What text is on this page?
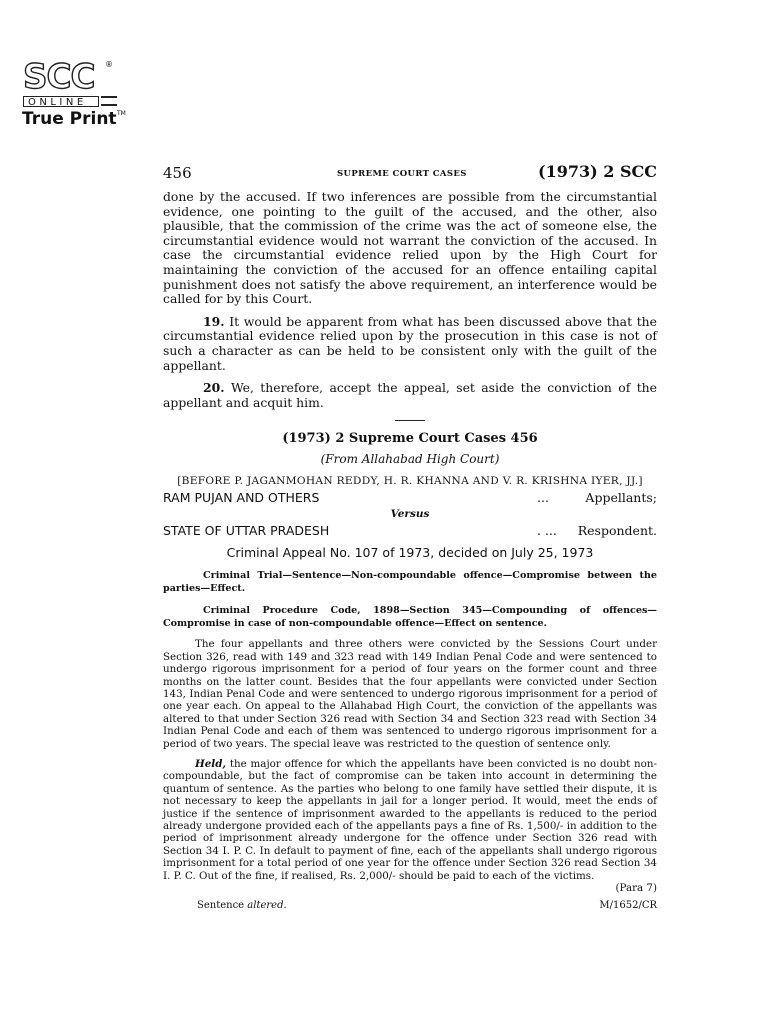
SCC ®
ONLINE
True Print TM
456	SUPREME COURT CASES	(1973) 2 SCC

done by the accused. If two inferences are possible from the circumstantial evidence, one pointing to the guilt of the accused, and the other, also plausible, that the commission of the crime was the act of someone else, the circumstantial evidence would not warrant the conviction of the accused. In case the circumstantial evidence relied upon by the High Court for maintaining the conviction of the accused for an offence entailing capital punishment does not satisfy the above requirement, an interference would be called for by this Court.

19. It would be apparent from what has been discussed above that the circumstantial evidence relied upon by the prosecution in this case is not of such a character as can be held to be consistent only with the guilt of the appellant.

20. We, therefore, accept the appeal, set aside the conviction of the appellant and acquit him.

(1973) 2 Supreme Court Cases 456

(From Allahabad High Court)

[BEFORE P. JAGANMOHAN REDDY, H. R. KHANNA AND V. R. KRISHNA IYER, JJ.]

RAM PUJAN AND OTHERS	...	Appellants;

Versus

STATE OF UTTAR PRADESH	. ... Respondent.

Criminal Appeal No. 107 of 1973, decided on July 25, 1973

Criminal Trial—Sentence—Non-compoundable offence—Compromise between the parties—Effect.

Criminal Procedure Code, 1898—Section 345—Compounding of offences—Compromise in case of non-compoundable offence—Effect on sentence.

The four appellants and three others were convicted by the Sessions Court under Section 326, read with 149 and 323 read with 149 Indian Penal Code and were sentenced to undergo rigorous imprisonment for a period of four years on the former count and three months on the latter count. Besides that the four appellants were convicted under Section 143, Indian Penal Code and were sentenced to undergo rigorous imprisonment for a period of one year each. On appeal to the Allahabad High Court, the conviction of the appellants was altered to that under Section 326 read with Section 34 and Section 323 read with Section 34 Indian Penal Code and each of them was sentenced to undergo rigorous imprisonment for a period of two years. The special leave was restricted to the question of sentence only.

Held, the major offence for which the appellants have been convicted is no doubt non-compoundable, but the fact of compromise can be taken into account in determining the quantum of sentence. As the parties who belong to one family have settled their dispute, it is not necessary to keep the appellants in jail for a longer period. It would, meet the ends of justice if the sentence of imprisonment awarded to the appellants is reduced to the period already undergone provided each of the appellants pays a fine of Rs. 1,500/- in addition to the period of imprisonment already undergone for the offence under Section 326 read with Section 34 I. P. C. In default to payment of fine, each of the appellants shall undergo rigorous imprisonment for a total period of one year for the offence under Section 326 read Section 34 I. P. C. Out of the fine, if realised, Rs. 2,000/- should be paid to each of the victims.

(Para 7)

Sentence altered.	M/1652/CR
